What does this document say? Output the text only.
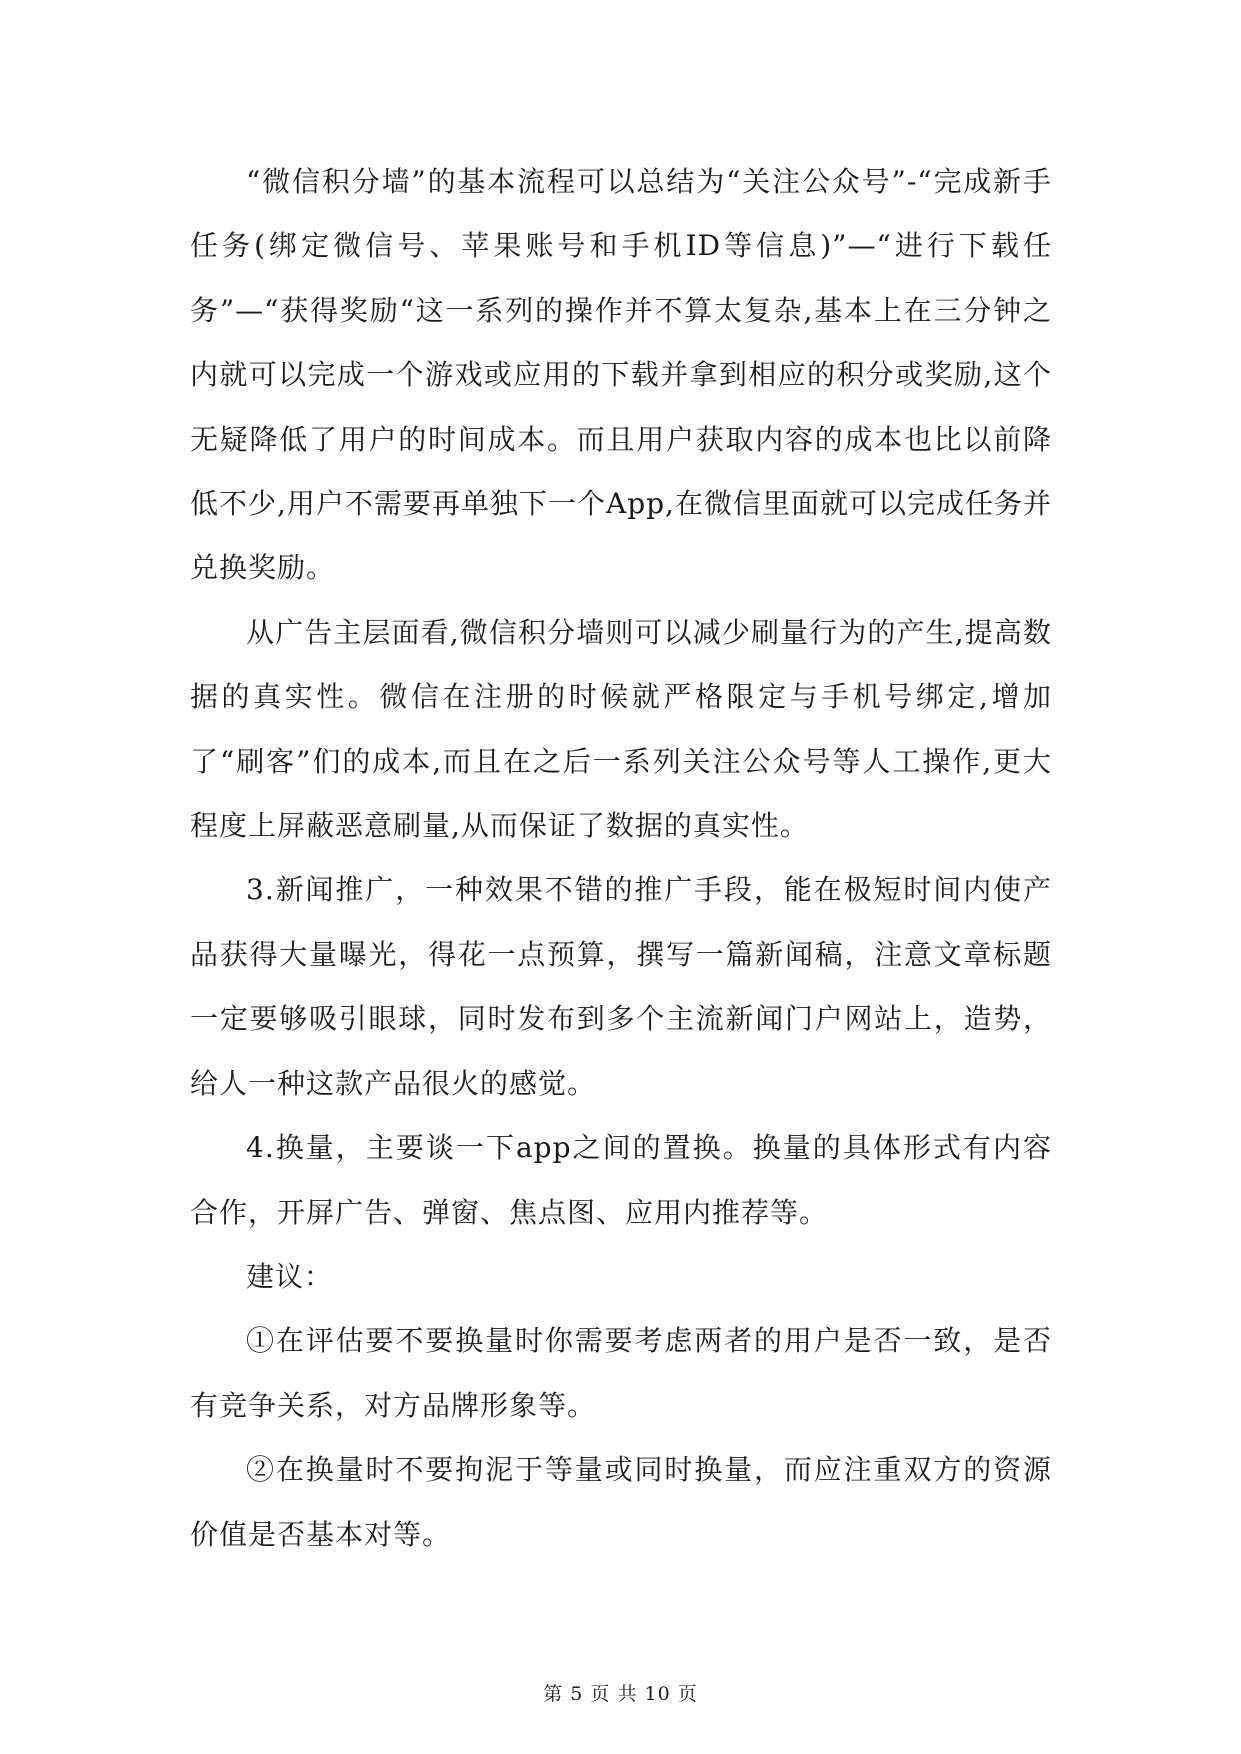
“微信积分墙”的基本流程可以总结为“关注公众号”-“完成新手任务(绑定微信号、苹果账号和手机ID等信息)”—“进行下载任务”—“获得奖励“这一系列的操作并不算太复杂,基本上在三分钟之内就可以完成一个游戏或应用的下载并拿到相应的积分或奖励,这个无疑降低了用户的时间成本。而且用户获取内容的成本也比以前降低不少,用户不需要再单独下一个App,在微信里面就可以完成任务并兑换奖励。

从广告主层面看,微信积分墙则可以减少刷量行为的产生,提高数据的真实性。微信在注册的时候就严格限定与手机号绑定,增加了“刷客”们的成本,而且在之后一系列关注公众号等人工操作,更大程度上屏蔽恶意刷量,从而保证了数据的真实性。

3.新闻推广，一种效果不错的推广手段，能在极短时间内使产品获得大量曝光，得花一点预算，撰写一篇新闻稿，注意文章标题一定要够吸引眼球，同时发布到多个主流新闻门户网站上，造势，给人一种这款产品很火的感觉。

4.换量，主要谈一下app之间的置换。换量的具体形式有内容合作，开屏广告、弹窗、焦点图、应用内推荐等。

建议：

①在评估要不要换量时你需要考虑两者的用户是否一致，是否有竞争关系，对方品牌形象等。

②在换量时不要拘泥于等量或同时换量，而应注重双方的资源价值是否基本对等。

第 5 页 共 10 页
